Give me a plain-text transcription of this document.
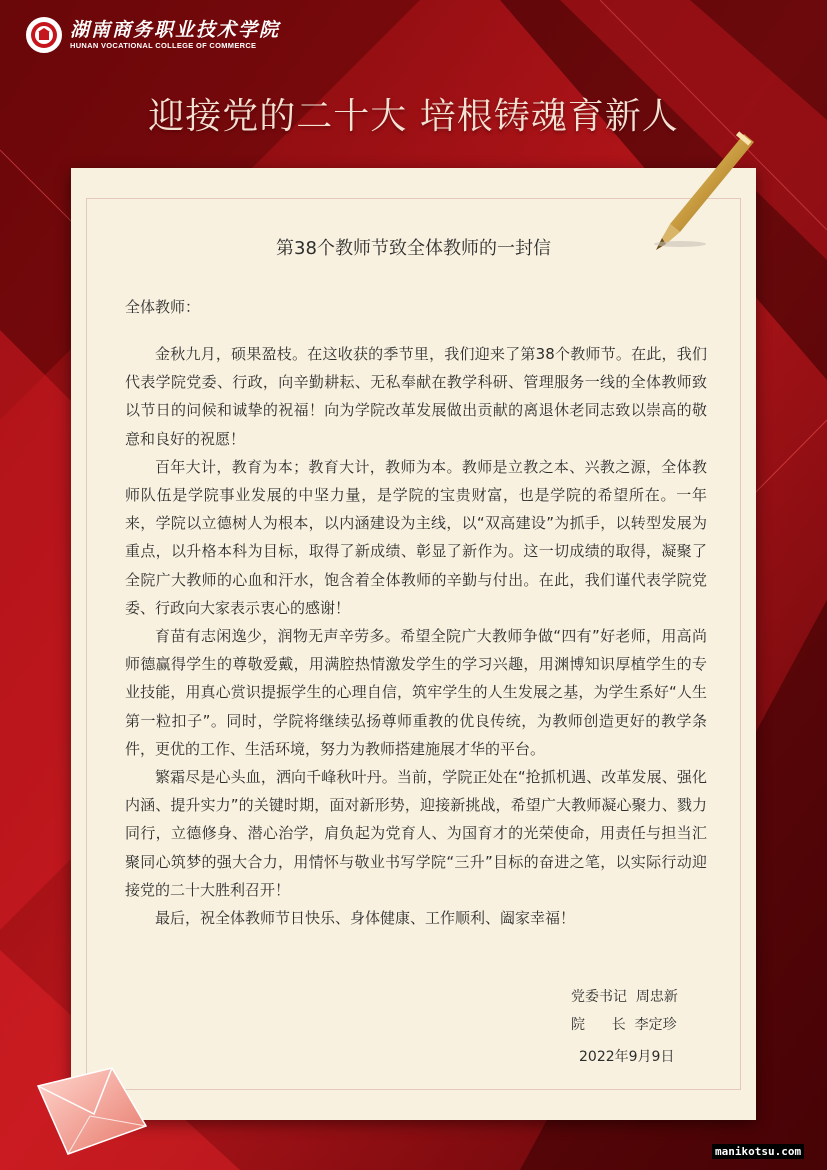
湖南商务职业技术学院
HUNAN VOCATIONAL COLLEGE OF COMMERCE
迎接党的二十大 培根铸魂育新人
第38个教师节致全体教师的一封信
全体教师：

金秋九月，硕果盈枝。在这收获的季节里，我们迎来了第38个教师节。在此，我们代表学院党委、行政，向辛勤耕耘、无私奉献在教学科研、管理服务一线的全体教师致以节日的问候和诚挚的祝福！向为学院改革发展做出贡献的离退休老同志致以崇高的敬意和良好的祝愿！

百年大计，教育为本；教育大计，教师为本。教师是立教之本、兴教之源，全体教师队伍是学院事业发展的中坚力量，是学院的宝贵财富，也是学院的希望所在。一年来，学院以立德树人为根本，以内涵建设为主线，以“双高建设”为抓手，以转型发展为重点，以升格本科为目标，取得了新成绩、彰显了新作为。这一切成绩的取得，凝聚了全院广大教师的心血和汗水，饱含着全体教师的辛勤与付出。在此，我们谨代表学院党委、行政向大家表示衷心的感谢！

育苗有志闲逸少，润物无声辛劳多。希望全院广大教师争做“四有”好老师，用高尚师德赢得学生的尊敬爱戴，用满腔热情激发学生的学习兴趣，用渊博知识厚植学生的专业技能，用真心赏识提振学生的心理自信，筑牢学生的人生发展之基，为学生系好“人生第一粒扣子”。同时，学院将继续弘扬尊师重教的优良传统，为教师创造更好的教学条件，更优的工作、生活环境，努力为教师搭建施展才华的平台。

繁霜尽是心头血，洒向千峰秋叶丹。当前，学院正处在“抢抓机遇、改革发展、强化内涵、提升实力”的关键时期，面对新形势，迎接新挑战，希望广大教师凝心聚力、戮力同行，立德修身、潜心治学，肩负起为党育人、为国育才的光荣使命，用责任与担当汇聚同心筑梦的强大合力，用情怀与敬业书写学院“三升”目标的奋进之笔，以实际行动迎接党的二十大胜利召开！

最后，祝全体教师节日快乐、身体健康、工作顺利、阖家幸福！

党委书记  周忠新
院      长  李定珍
2022年9月9日
manikotsu.com
